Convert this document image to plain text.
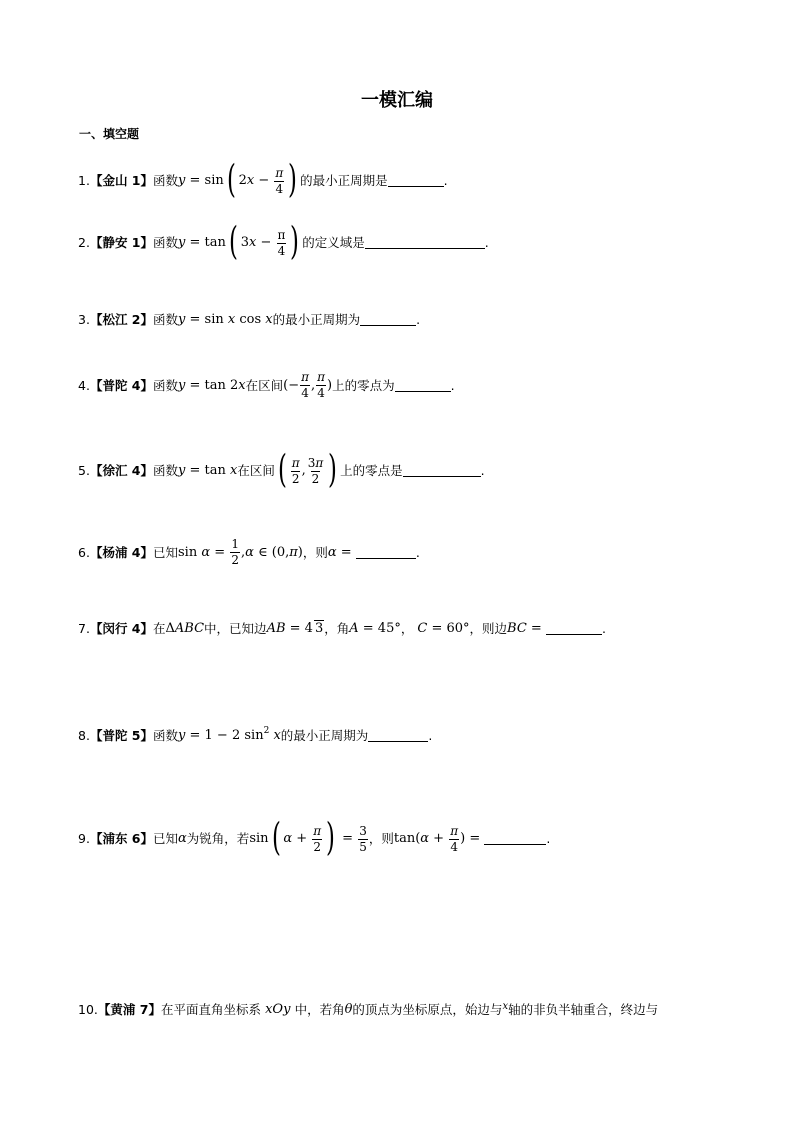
一模汇编
一、填空题
1. 【金山 1】 函数 y = sin ( 2 $x - \frac{\pi}{4}$ ) 的最小正周期是	.
2. 【静安 1】 函数 y = tan ( 3 $x - \frac{\pi}{4}$ ) 的定义域是	.
3. 【松江 2】 函数 y = sin x cos x 的最小正周期为	.
4. 【普陀 4】 函数 y = tan 2 x 在区间 (− $\frac{\pi}{4}$ , $\frac{\pi}{4}$ ) 上的零点为	.
5. 【徐汇 4】 函数 y = tan x 在区间 ( $\frac{\pi}{2}$ , $\frac{3\pi}{2}$ ) 上的零点是	.
6. 【杨浦 4】 已知 $\sin \alpha = \frac{1}{2}$ , α ∈ (0, π ) ，则 α =	.
7. 【闵行 4】 在 Δ ABC 中，已知边 AB = 4 3 ，角 A = 45° ， C = 60° ，则边 BC =	.
8. 【普陀 5】 函数 y = 1 − 2 sin 2
x 的最小正周期为	.
9. 【浦东 6】 已知 α 为锐角，若 sin ( $\alpha + \frac{\pi}{2}$ ) = $\frac{3}{5}$ ，则 tan( $\alpha + \frac{\pi}{4}$ ) =	.
10. 【黄浦 7】 在平面直角坐标系 xOy 中，若角 θ 的顶点为坐标原点，始边与 x 轴的非负半轴重合，终边与
